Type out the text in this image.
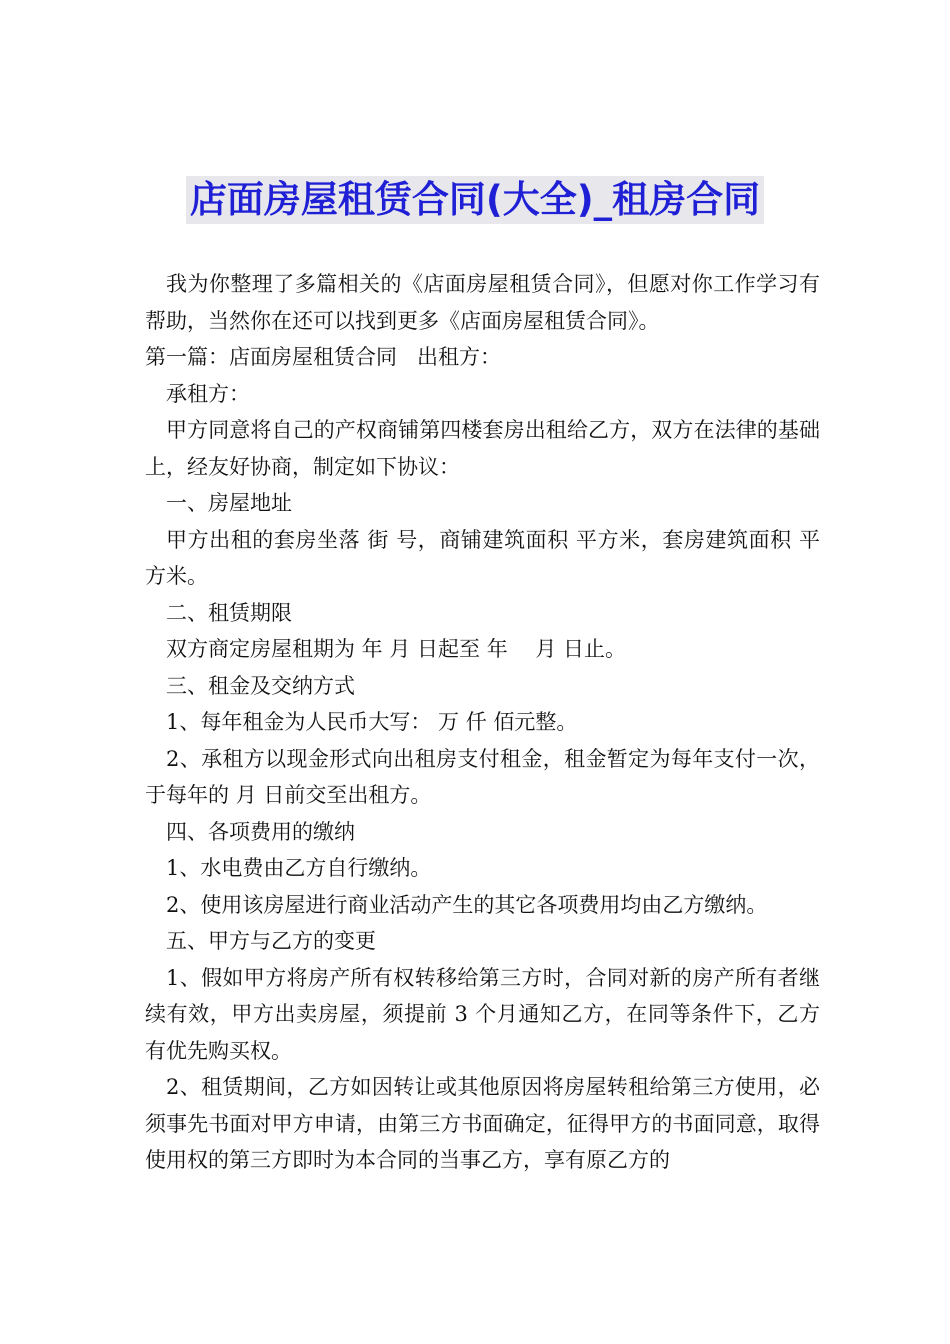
店面房屋租赁合同(大全)_租房合同

我为你整理了多篇相关的《店面房屋租赁合同》，但愿对你工作学习有帮助，当然你在还可以找到更多《店面房屋租赁合同》。

第一篇：店面房屋租赁合同 出租方：

承租方：

甲方同意将自己的产权商铺第四楼套房出租给乙方，双方在法律的基础上，经友好协商，制定如下协议：

一、房屋地址

甲方出租的套房坐落 街 号，商铺建筑面积 平方米，套房建筑面积 平方米。

二、租赁期限

双方商定房屋租期为 年 月 日起至 年　 月 日止。

三、租金及交纳方式

1、每年租金为人民币大写： 万 仟 佰元整。

2、承租方以现金形式向出租房支付租金，租金暂定为每年支付一次，于每年的 月 日前交至出租方。

四、各项费用的缴纳

1、水电费由乙方自行缴纳。

2、使用该房屋进行商业活动产生的其它各项费用均由乙方缴纳。

五、甲方与乙方的变更

1、假如甲方将房产所有权转移给第三方时，合同对新的房产所有者继续有效，甲方出卖房屋，须提前 3 个月通知乙方，在同等条件下，乙方有优先购买权。

2、租赁期间，乙方如因转让或其他原因将房屋转租给第三方使用，必须事先书面对甲方申请，由第三方书面确定，征得甲方的书面同意，取得使用权的第三方即时为本合同的当事乙方，享有原乙方的
